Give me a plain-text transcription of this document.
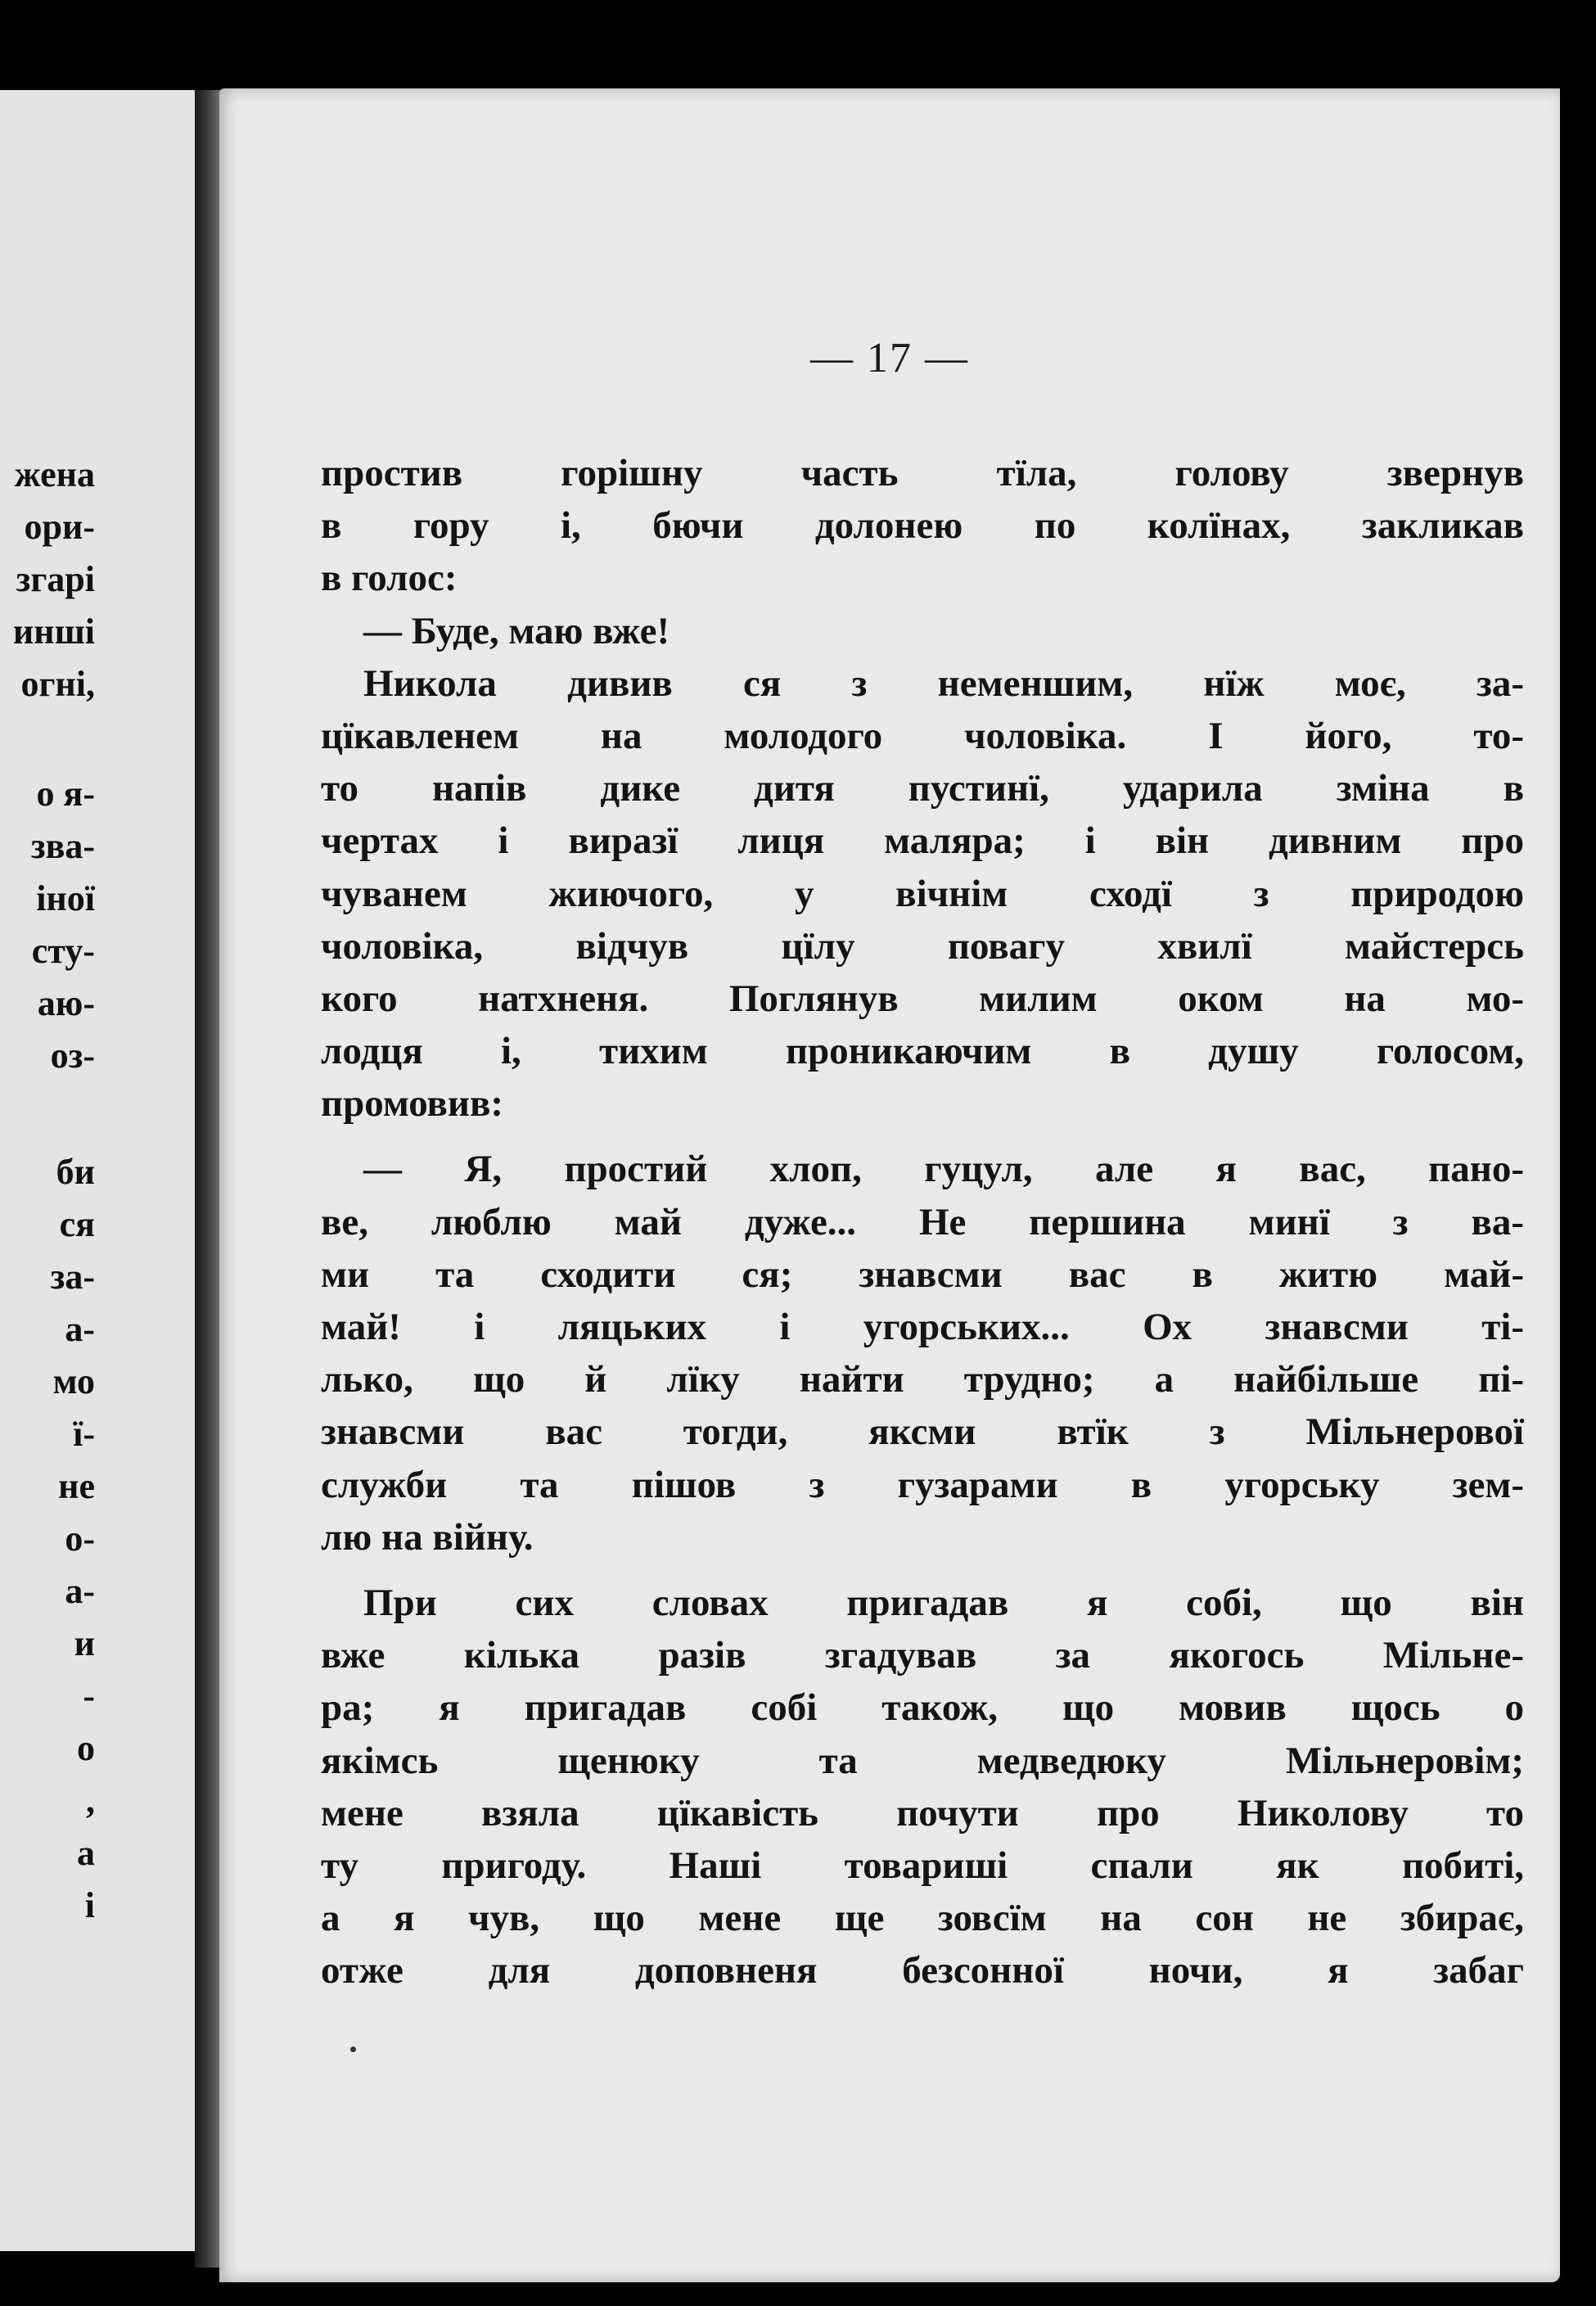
жена
ори-
згарі
инші
огні,
о я-
зва-
іної
сту-
аю-
оз-
би
ся
за-
а-
мо
ї-
не
о-
а-
и
-
о
,
а
і
— 17 —
простив горішну часть тїла, голову звернув
в гору і, бючи долонею по колїнах, закликав
в голос:
— Буде, маю вже!
Никола дивив ся з неменшим, нїж моє, за-
цїкавленем на молодого чоловіка. І його, то-
то напів дике дитя пустинї, ударила зміна в
чертах і виразї лиця маляра; і він дивним про
чуванем жиючого, у вічнім сходї з природою
чоловіка, відчув цїлу повагу хвилї майстерсь
кого натхненя. Поглянув милим оком на мо-
лодця і, тихим проникаючим в душу голосом,
промовив:
— Я, простий хлоп, гуцул, але я вас, пано-
ве, люблю май дуже... Не першина минї з ва-
ми та сходити ся; знавсми вас в житю май-
май! і ляцьких і угорських... Ох знавсми ті-
лько, що й лїку найти трудно; а найбільше пі-
знавсми вас тогди, яксми втїк з Мільнерової
служби та пішов з гузарами в угорську зем-
лю на війну.
При сих словах пригадав я собі, що він
вже кілька разів згадував за якогось Мільне-
ра; я пригадав собі також, що мовив щось о
якімсь щенюку та медведюку Мільнеровім;
мене взяла цїкавість почути про Николову то
ту пригоду. Наші товариші спали як побиті,
а я чув, що мене ще зовсїм на сон не збирає,
отже для доповненя безсонної ночи, я забаг
